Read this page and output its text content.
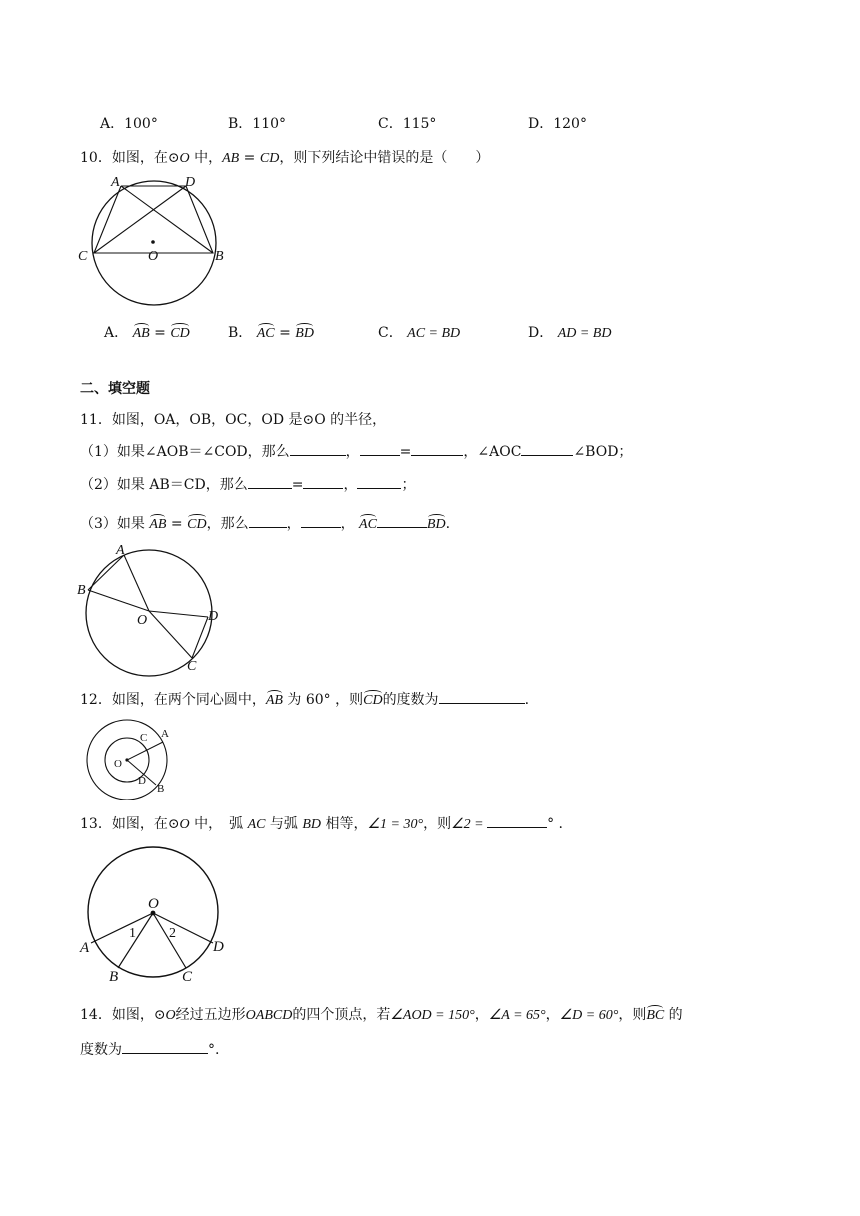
A．100°	B．110°	C．115°	D．120°
10．如图，在⊙O 中，AB = CD，则下列结论中错误的是（　　）
A	D
C	B
O
A． AB = CD	B． AC = BD	C． AC = BD	D． AD = BD
二、填空题
11．如图，OA，OB，OC，OD 是⊙O 的半径，
（1）如果∠AOB＝∠COD，那么	，	=	，∠AOC	∠BOD；
（2）如果 AB＝CD，那么	=	，	；
（3）如果 AB = CD，那么	，	， AC	BD.
A
B
O	D
C
12．如图，在两个同心圆中，AB 为 60° ，则CD的度数为	.
C A
O
D
B
13．如图，在⊙O 中，　弧 AC 与弧 BD 相等，∠1 = 30°，则∠2 =	° .
O
A
B	C
D
1 2
14．如图，⊙O经过五边形OABCD的四个顶点，若∠AOD = 150°，∠A = 65°，∠D = 60°，则BC 的
度数为	°.
